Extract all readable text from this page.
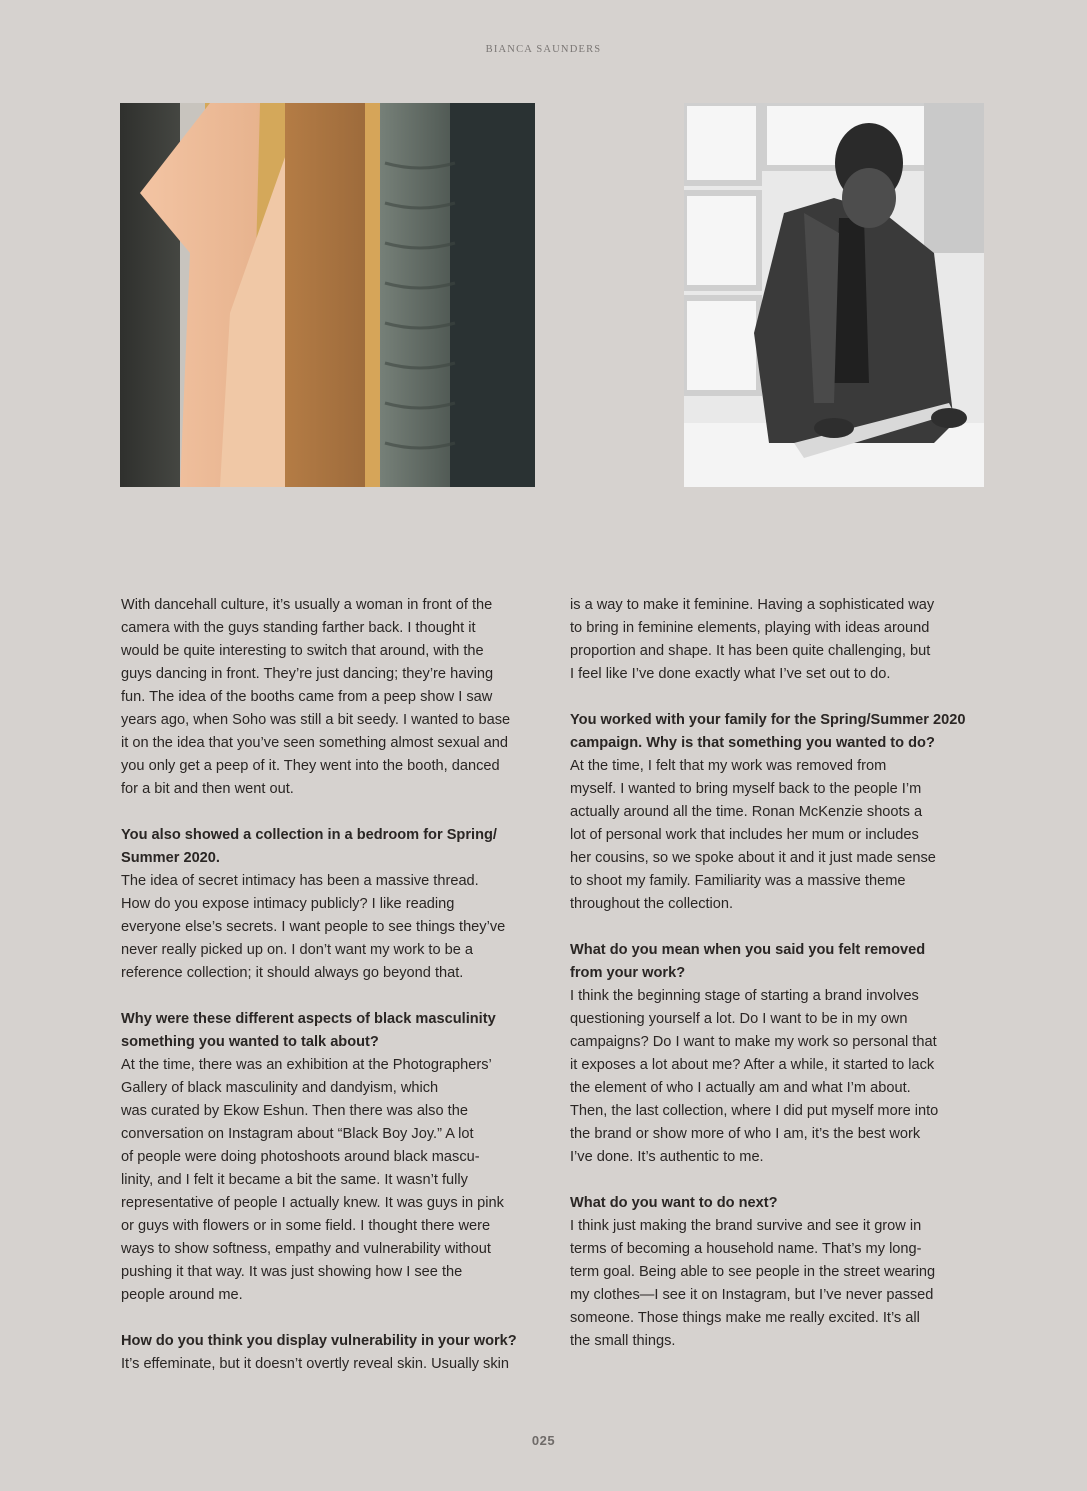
BIANCA SAUNDERS
With dancehall culture, it’s usually a woman in front of the
camera with the guys standing farther back. I thought it
would be quite interesting to switch that around, with the
guys dancing in front. They’re just dancing; they’re having
fun. The idea of the booths came from a peep show I saw
years ago, when Soho was still a bit seedy. I wanted to base
it on the idea that you’ve seen something almost sexual and
you only get a peep of it. They went into the booth, danced
for a bit and then went out.
You also showed a collection in a bedroom for Spring/
Summer 2020.
The idea of secret intimacy has been a massive thread.
How do you expose intimacy publicly? I like reading
everyone else’s secrets. I want people to see things they’ve
never really picked up on. I don’t want my work to be a
reference collection; it should always go beyond that.
Why were these different aspects of black masculinity
something you wanted to talk about?
At the time, there was an exhibition at the Photographers’
Gallery of black masculinity and dandyism, which
was curated by Ekow Eshun. Then there was also the
conversation on Instagram about “Black Boy Joy.” A lot
of people were doing photoshoots around black mascu-
linity, and I felt it became a bit the same. It wasn’t fully
representative of people I actually knew. It was guys in pink
or guys with flowers or in some field. I thought there were
ways to show softness, empathy and vulnerability without
pushing it that way. It was just showing how I see the
people around me.
How do you think you display vulnerability in your work?
It’s effeminate, but it doesn’t overtly reveal skin. Usually skin
is a way to make it feminine. Having a sophisticated way
to bring in feminine elements, playing with ideas around
proportion and shape. It has been quite challenging, but
I feel like I’ve done exactly what I’ve set out to do.
You worked with your family for the Spring/Summer 2020
campaign. Why is that something you wanted to do?
At the time, I felt that my work was removed from
myself. I wanted to bring myself back to the people I’m
actually around all the time. Ronan McKenzie shoots a
lot of personal work that includes her mum or includes
her cousins, so we spoke about it and it just made sense
to shoot my family. Familiarity was a massive theme
throughout the collection.
What do you mean when you said you felt removed
from your work?
I think the beginning stage of starting a brand involves
questioning yourself a lot. Do I want to be in my own
campaigns? Do I want to make my work so personal that
it exposes a lot about me? After a while, it started to lack
the element of who I actually am and what I’m about.
Then, the last collection, where I did put myself more into
the brand or show more of who I am, it’s the best work
I’ve done. It’s authentic to me.
What do you want to do next?
I think just making the brand survive and see it grow in
terms of becoming a household name. That’s my long-
term goal. Being able to see people in the street wearing
my clothes—I see it on Instagram, but I’ve never passed
someone. Those things make me really excited. It’s all
the small things.
025
